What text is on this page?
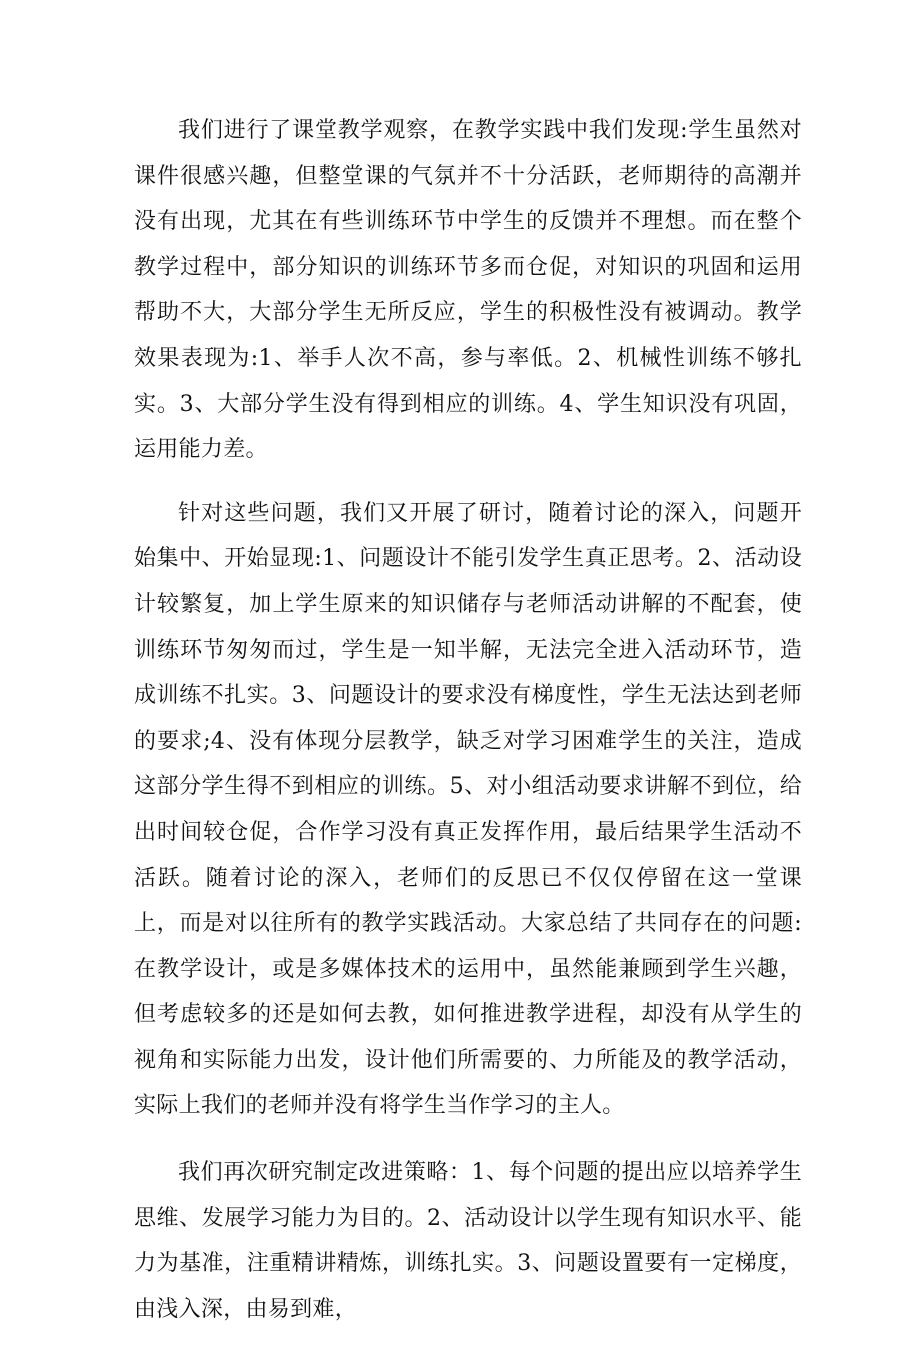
我们进行了课堂教学观察，在教学实践中我们发现:学生虽然对课件很感兴趣，但整堂课的气氛并不十分活跃，老师期待的高潮并没有出现，尤其在有些训练环节中学生的反馈并不理想。而在整个教学过程中，部分知识的训练环节多而仓促，对知识的巩固和运用帮助不大，大部分学生无所反应，学生的积极性没有被调动。教学效果表现为:1、举手人次不高，参与率低。2、机械性训练不够扎实。3、大部分学生没有得到相应的训练。4、学生知识没有巩固，运用能力差。

针对这些问题，我们又开展了研讨，随着讨论的深入，问题开始集中、开始显现:1、问题设计不能引发学生真正思考。2、活动设计较繁复，加上学生原来的知识储存与老师活动讲解的不配套，使训练环节匆匆而过，学生是一知半解，无法完全进入活动环节，造成训练不扎实。3、问题设计的要求没有梯度性，学生无法达到老师的要求;4、没有体现分层教学，缺乏对学习困难学生的关注，造成这部分学生得不到相应的训练。5、对小组活动要求讲解不到位，给出时间较仓促，合作学习没有真正发挥作用，最后结果学生活动不活跃。随着讨论的深入，老师们的反思已不仅仅停留在这一堂课上，而是对以往所有的教学实践活动。大家总结了共同存在的问题:在教学设计，或是多媒体技术的运用中，虽然能兼顾到学生兴趣，但考虑较多的还是如何去教，如何推进教学进程，却没有从学生的视角和实际能力出发，设计他们所需要的、力所能及的教学活动，实际上我们的老师并没有将学生当作学习的主人。

我们再次研究制定改进策略：1、每个问题的提出应以培养学生思维、发展学习能力为目的。2、活动设计以学生现有知识水平、能力为基准，注重精讲精炼，训练扎实。3、问题设置要有一定梯度，由浅入深，由易到难，
